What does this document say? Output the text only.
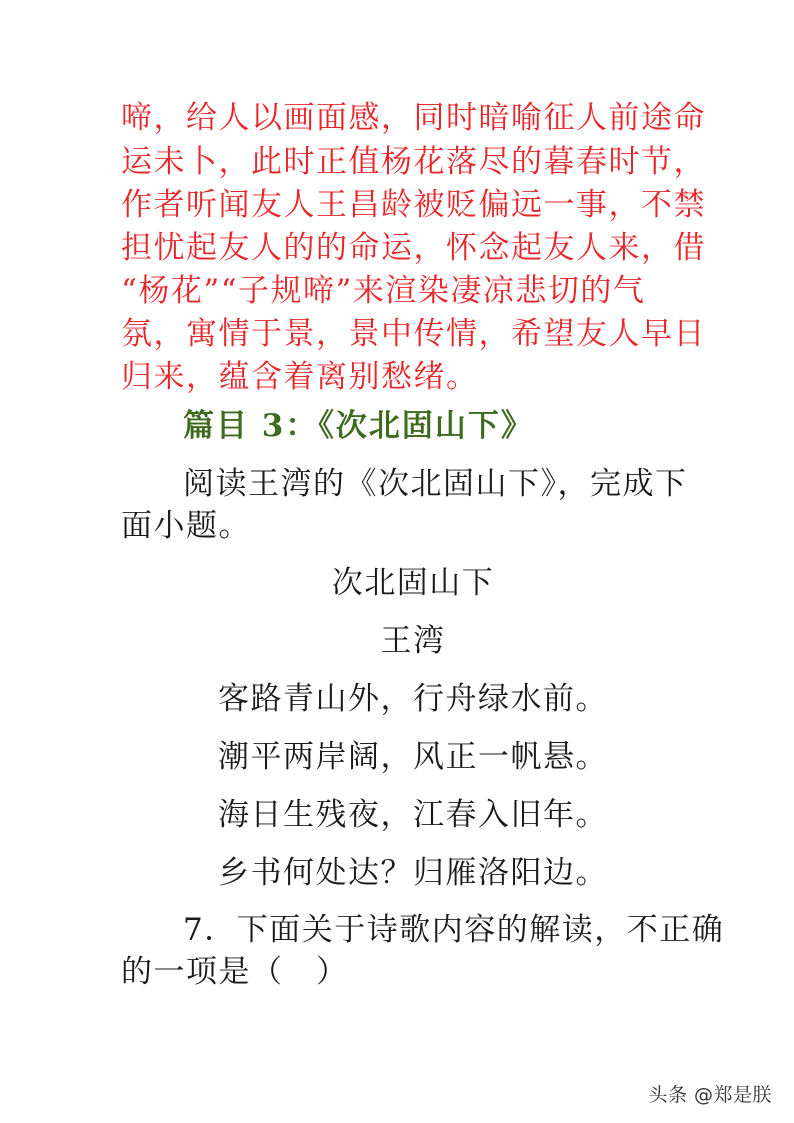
啼，给人以画面感，同时暗喻征人前途命
运未卜，此时正值杨花落尽的暮春时节，
作者听闻友人王昌龄被贬偏远一事，不禁
担忧起友人的的命运，怀念起友人来，借
“杨花”“子规啼”来渲染凄凉悲切的气
氛，寓情于景，景中传情，希望友人早日
归来，蕴含着离别愁绪。
篇目 3：《次北固山下》
阅读王湾的《次北固山下》，完成下
面小题。
次北固山下
王湾
客路青山外，行舟绿水前。
潮平两岸阔，风正一帆悬。
海日生残夜，江春入旧年。
乡书何处达？归雁洛阳边。
7．下面关于诗歌内容的解读，不正确
的一项是（　）
头条 @郑是朕
